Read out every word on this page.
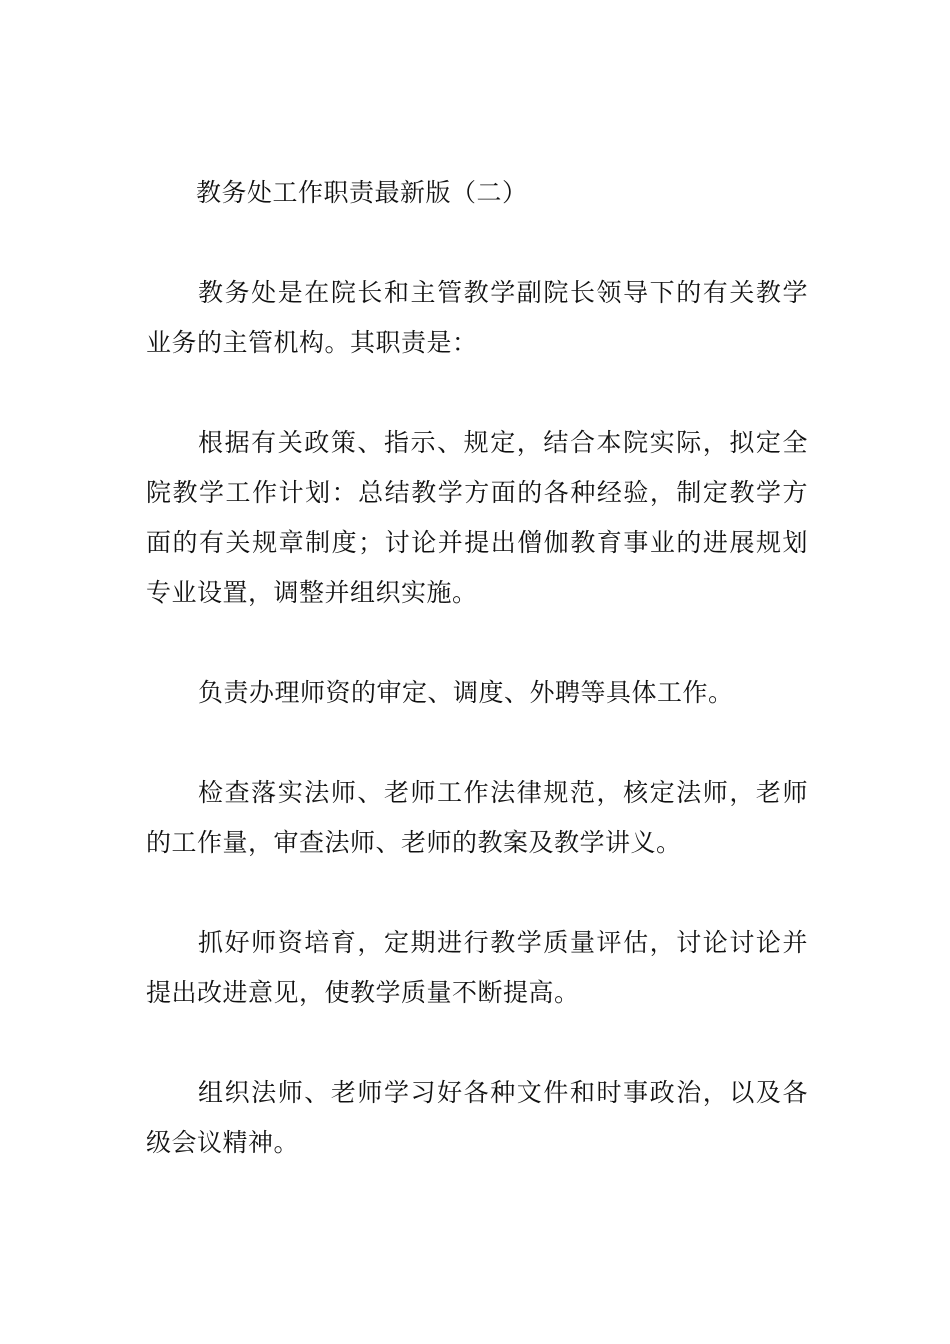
教务处工作职责最新版（二）

教务处是在院长和主管教学副院长领导下的有关教学业务的主管机构。其职责是：

根据有关政策、指示、规定，结合本院实际，拟定全院教学工作计划：总结教学方面的各种经验，制定教学方面的有关规章制度；讨论并提出僧伽教育事业的进展规划专业设置，调整并组织实施。

负责办理师资的审定、调度、外聘等具体工作。

检查落实法师、老师工作法律规范，核定法师，老师的工作量，审查法师、老师的教案及教学讲义。

抓好师资培育，定期进行教学质量评估，讨论讨论并提出改进意见，使教学质量不断提高。

组织法师、老师学习好各种文件和时事政治，以及各级会议精神。
